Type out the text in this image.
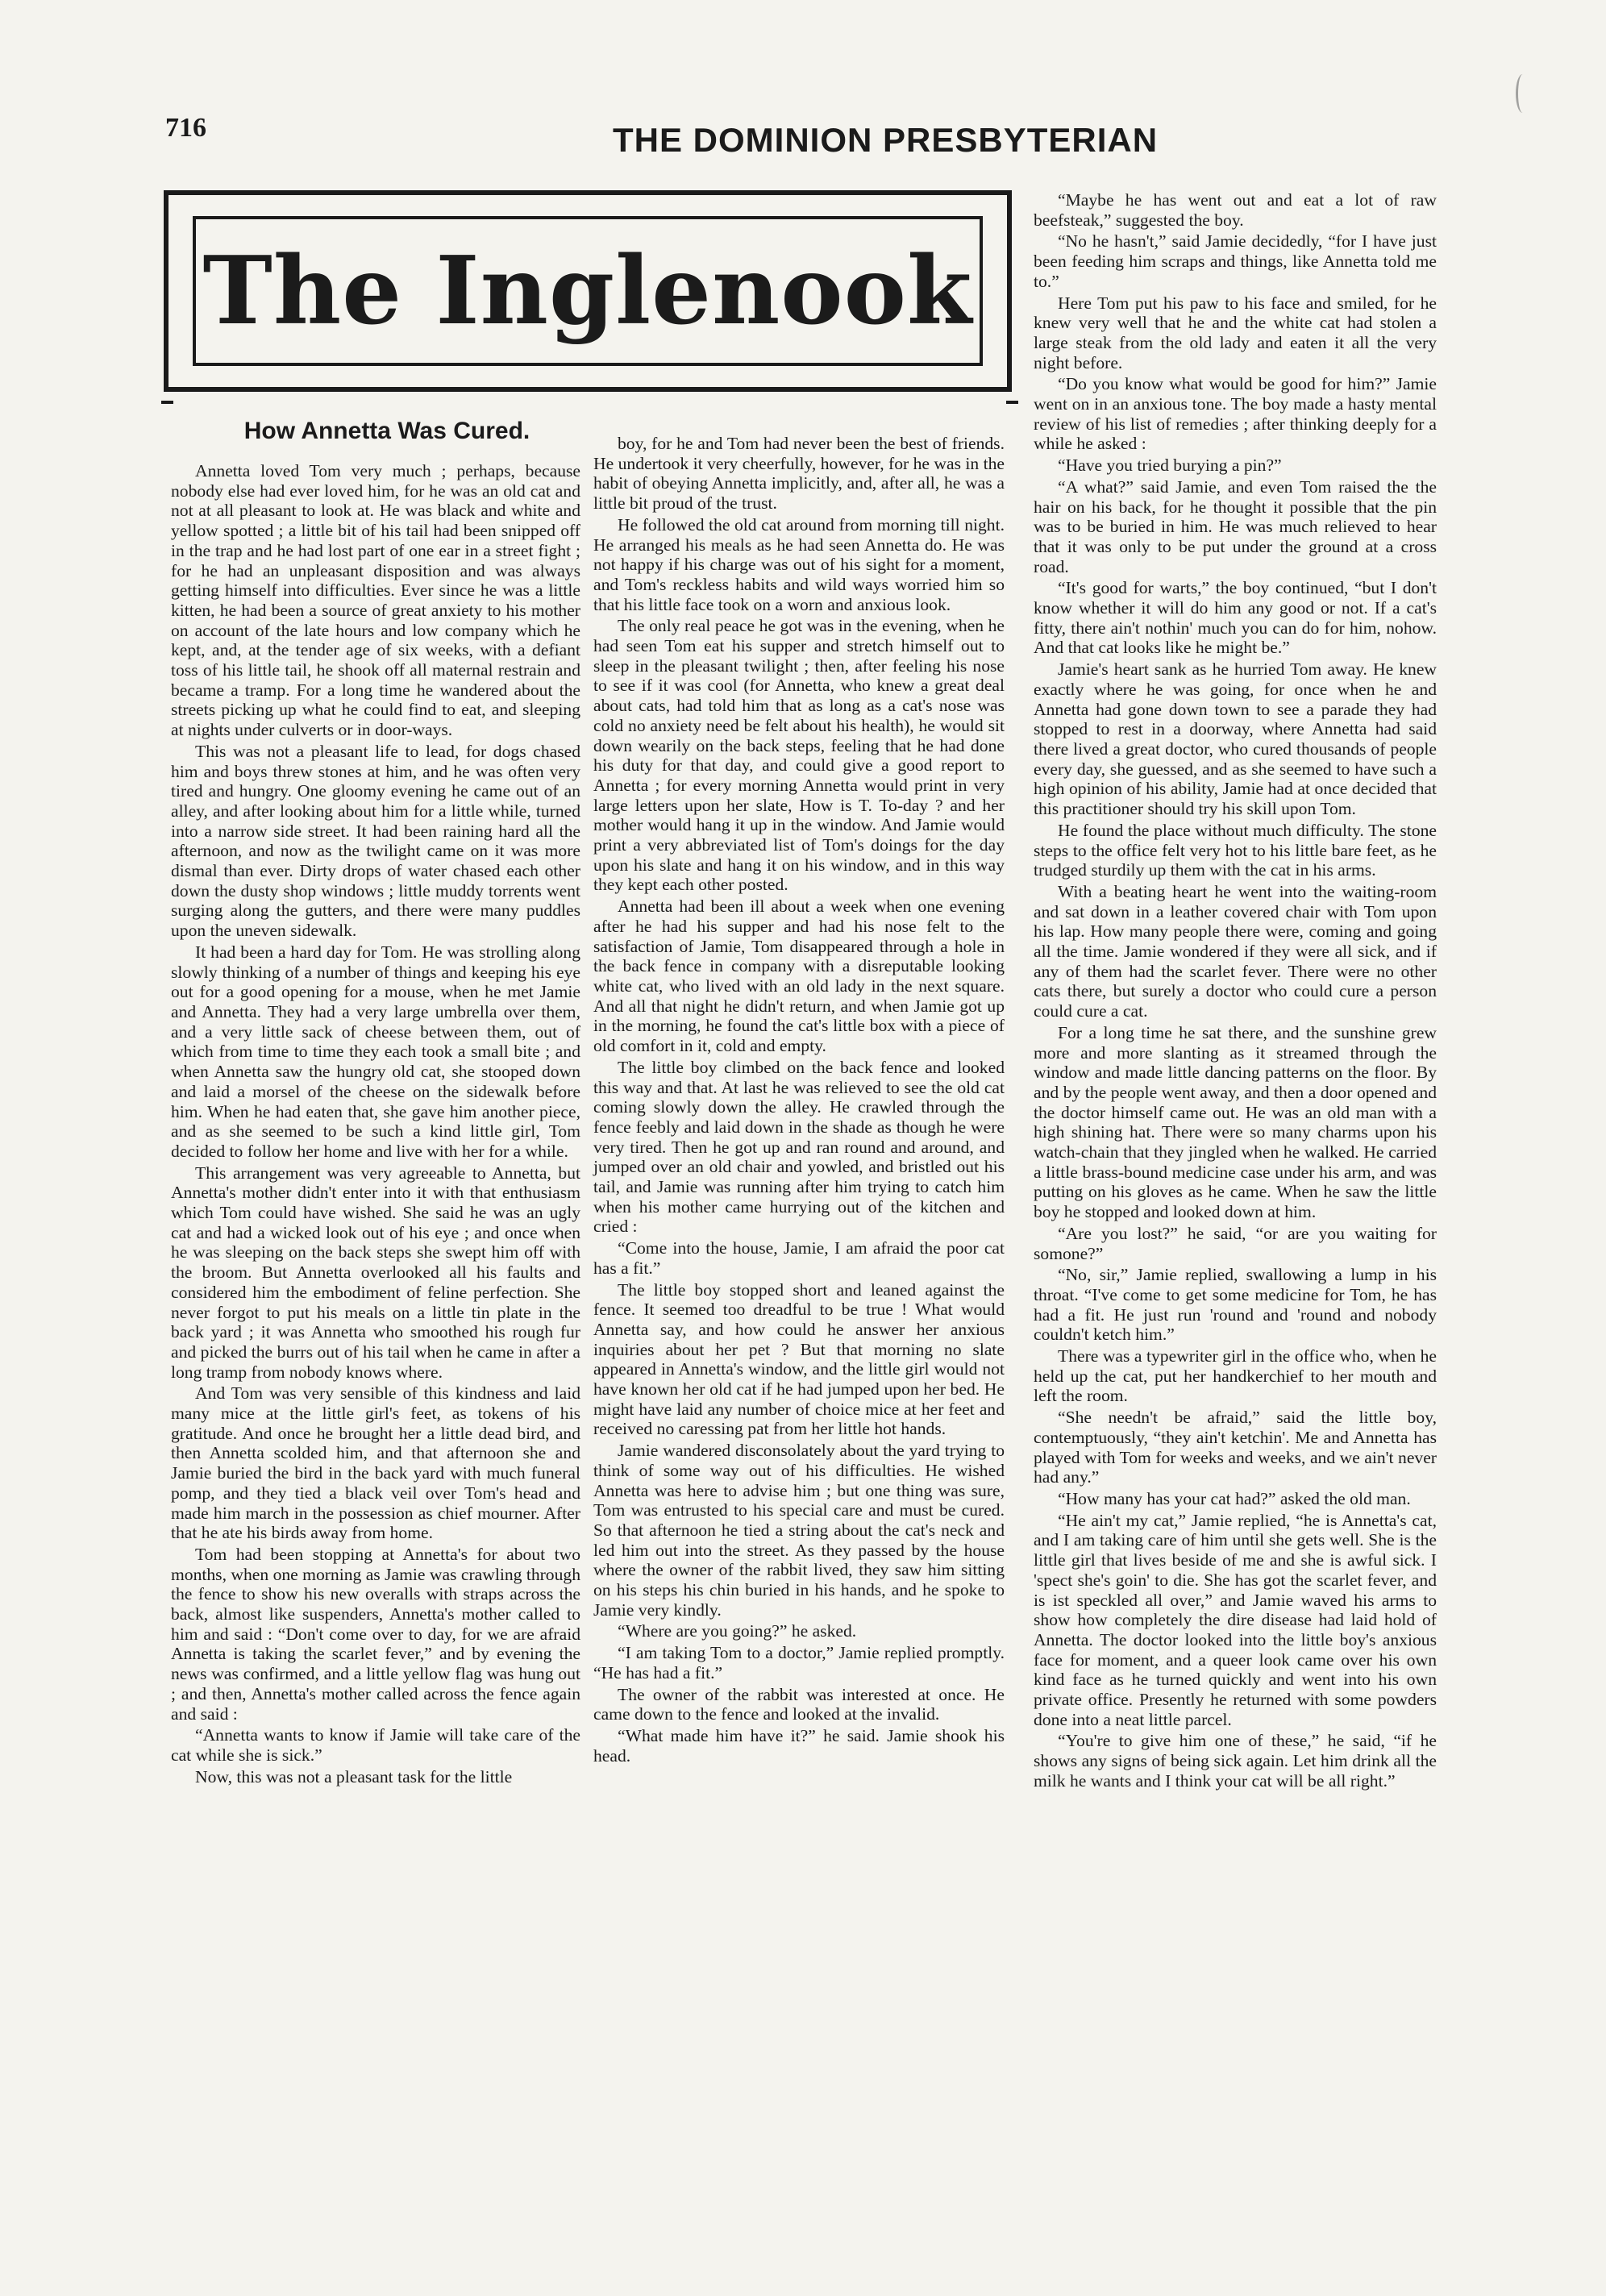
716	THE DOMINION PRESBYTERIAN
The Inglenook
How Annetta Was Cured.

Annetta loved Tom very much ; perhaps, because nobody else had ever loved him, for he was an old cat and not at all pleasant to look at. He was black and white and yellow spotted ; a little bit of his tail had been snipped off in the trap and he had lost part of one ear in a street fight ; for he had an unpleasant disposition and was always getting himself into difficulties. Ever since he was a little kitten, he had been a source of great anxiety to his mother on account of the late hours and low company which he kept, and, at the tender age of six weeks, with a defiant toss of his little tail, he shook off all maternal restrain and became a tramp. For a long time he wandered about the streets picking up what he could find to eat, and sleeping at nights under culverts or in door-ways.

This was not a pleasant life to lead, for dogs chased him and boys threw stones at him, and he was often very tired and hungry. One gloomy evening he came out of an alley, and after looking about him for a little while, turned into a narrow side street. It had been raining hard all the afternoon, and now as the twilight came on it was more dismal than ever. Dirty drops of water chased each other down the dusty shop windows ; little muddy torrents went surging along the gutters, and there were many puddles upon the uneven sidewalk.

It had been a hard day for Tom. He was strolling along slowly thinking of a number of things and keeping his eye out for a good opening for a mouse, when he met Jamie and Annetta. They had a very large umbrella over them, and a very little sack of cheese between them, out of which from time to time they each took a small bite ; and when Annetta saw the hungry old cat, she stooped down and laid a morsel of the cheese on the sidewalk before him. When he had eaten that, she gave him another piece, and as she seemed to be such a kind little girl, Tom decided to follow her home and live with her for a while.

This arrangement was very agreeable to Annetta, but Annetta's mother didn't enter into it with that enthusiasm which Tom could have wished. She said he was an ugly cat and had a wicked look out of his eye ; and once when he was sleeping on the back steps she swept him off with the broom. But Annetta overlooked all his faults and considered him the embodiment of feline perfection. She never forgot to put his meals on a little tin plate in the back yard ; it was Annetta who smoothed his rough fur and picked the burrs out of his tail when he came in after a long tramp from nobody knows where.

And Tom was very sensible of this kindness and laid many mice at the little girl's feet, as tokens of his gratitude. And once he brought her a little dead bird, and then Annetta scolded him, and that afternoon she and Jamie buried the bird in the back yard with much funeral pomp, and they tied a black veil over Tom's head and made him march in the possession as chief mourner. After that he ate his birds away from home.

Tom had been stopping at Annetta's for about two months, when one morning as Jamie was crawling through the fence to show his new overalls with straps across the back, almost like suspenders, Annetta's mother called to him and said : “Don't come over to day, for we are afraid Annetta is taking the scarlet fever,” and by evening the news was confirmed, and a little yellow flag was hung out ; and then, Annetta's mother called across the fence again and said :

“Annetta wants to know if Jamie will take care of the cat while she is sick.”

Now, this was not a pleasant task for the little

boy, for he and Tom had never been the best of friends. He undertook it very cheerfully, however, for he was in the habit of obeying Annetta implicitly, and, after all, he was a little bit proud of the trust.

He followed the old cat around from morning till night. He arranged his meals as he had seen Annetta do. He was not happy if his charge was out of his sight for a moment, and Tom's reckless habits and wild ways worried him so that his little face took on a worn and anxious look.

The only real peace he got was in the evening, when he had seen Tom eat his supper and stretch himself out to sleep in the pleasant twilight ; then, after feeling his nose to see if it was cool (for Annetta, who knew a great deal about cats, had told him that as long as a cat's nose was cold no anxiety need be felt about his health), he would sit down wearily on the back steps, feeling that he had done his duty for that day, and could give a good report to Annetta ; for every morning Annetta would print in very large letters upon her slate, How is T. To-day ? and her mother would hang it up in the window. And Jamie would print a very abbreviated list of Tom's doings for the day upon his slate and hang it on his window, and in this way they kept each other posted.

Annetta had been ill about a week when one evening after he had his supper and had his nose felt to the satisfaction of Jamie, Tom disappeared through a hole in the back fence in company with a disreputable looking white cat, who lived with an old lady in the next square. And all that night he didn't return, and when Jamie got up in the morning, he found the cat's little box with a piece of old comfort in it, cold and empty.

The little boy climbed on the back fence and looked this way and that. At last he was relieved to see the old cat coming slowly down the alley. He crawled through the fence feebly and laid down in the shade as though he were very tired. Then he got up and ran round and around, and jumped over an old chair and yowled, and bristled out his tail, and Jamie was running after him trying to catch him when his mother came hurrying out of the kitchen and cried :

“Come into the house, Jamie, I am afraid the poor cat has a fit.”

The little boy stopped short and leaned against the fence. It seemed too dreadful to be true ! What would Annetta say, and how could he answer her anxious inquiries about her pet ? But that morning no slate appeared in Annetta's window, and the little girl would not have known her old cat if he had jumped upon her bed. He might have laid any number of choice mice at her feet and received no caressing pat from her little hot hands.

Jamie wandered disconsolately about the yard trying to think of some way out of his difficulties. He wished Annetta was here to advise him ; but one thing was sure, Tom was entrusted to his special care and must be cured. So that afternoon he tied a string about the cat's neck and led him out into the street. As they passed by the house where the owner of the rabbit lived, they saw him sitting on his steps his chin buried in his hands, and he spoke to Jamie very kindly.

“Where are you going?” he asked.

“I am taking Tom to a doctor,” Jamie replied promptly. “He has had a fit.”

The owner of the rabbit was interested at once. He came down to the fence and looked at the invalid.

“What made him have it?” he said. Jamie shook his head.

“Maybe he has went out and eat a lot of raw beefsteak,” suggested the boy.

“No he hasn't,” said Jamie decidedly, “for I have just been feeding him scraps and things, like Annetta told me to.”

Here Tom put his paw to his face and smiled, for he knew very well that he and the white cat had stolen a large steak from the old lady and eaten it all the very night before.

“Do you know what would be good for him?” Jamie went on in an anxious tone. The boy made a hasty mental review of his list of remedies ; after thinking deeply for a while he asked :

“Have you tried burying a pin?”

“A what?” said Jamie, and even Tom raised the the hair on his back, for he thought it possible that the pin was to be buried in him. He was much relieved to hear that it was only to be put under the ground at a cross road.

“It's good for warts,” the boy continued, “but I don't know whether it will do him any good or not. If a cat's fitty, there ain't nothin' much you can do for him, nohow. And that cat looks like he might be.”

Jamie's heart sank as he hurried Tom away. He knew exactly where he was going, for once when he and Annetta had gone down town to see a parade they had stopped to rest in a doorway, where Annetta had said there lived a great doctor, who cured thousands of people every day, she guessed, and as she seemed to have such a high opinion of his ability, Jamie had at once decided that this practitioner should try his skill upon Tom.

He found the place without much difficulty. The stone steps to the office felt very hot to his little bare feet, as he trudged sturdily up them with the cat in his arms.

With a beating heart he went into the waiting-room and sat down in a leather covered chair with Tom upon his lap. How many people there were, coming and going all the time. Jamie wondered if they were all sick, and if any of them had the scarlet fever. There were no other cats there, but surely a doctor who could cure a person could cure a cat.

For a long time he sat there, and the sunshine grew more and more slanting as it streamed through the window and made little dancing patterns on the floor. By and by the people went away, and then a door opened and the doctor himself came out. He was an old man with a high shining hat. There were so many charms upon his watch-chain that they jingled when he walked. He carried a little brass-bound medicine case under his arm, and was putting on his gloves as he came. When he saw the little boy he stopped and looked down at him.

“Are you lost?” he said, “or are you waiting for somone?”

“No, sir,” Jamie replied, swallowing a lump in his throat. “I've come to get some medicine for Tom, he has had a fit. He just run 'round and 'round and nobody couldn't ketch him.”

There was a typewriter girl in the office who, when he held up the cat, put her handkerchief to her mouth and left the room.

“She needn't be afraid,” said the little boy, contemptuously, “they ain't ketchin'. Me and Annetta has played with Tom for weeks and weeks, and we ain't never had any.”

“How many has your cat had?” asked the old man.

“He ain't my cat,” Jamie replied, “he is Annetta's cat, and I am taking care of him until she gets well. She is the little girl that lives beside of me and she is awful sick. I 'spect she's goin' to die. She has got the scarlet fever, and is ist speckled all over,” and Jamie waved his arms to show how completely the dire disease had laid hold of Annetta. The doctor looked into the little boy's anxious face for moment, and a queer look came over his own kind face as he turned quickly and went into his own private office. Presently he returned with some powders done into a neat little parcel.

“You're to give him one of these,” he said, “if he shows any signs of being sick again. Let him drink all the milk he wants and I think your cat will be all right.”
